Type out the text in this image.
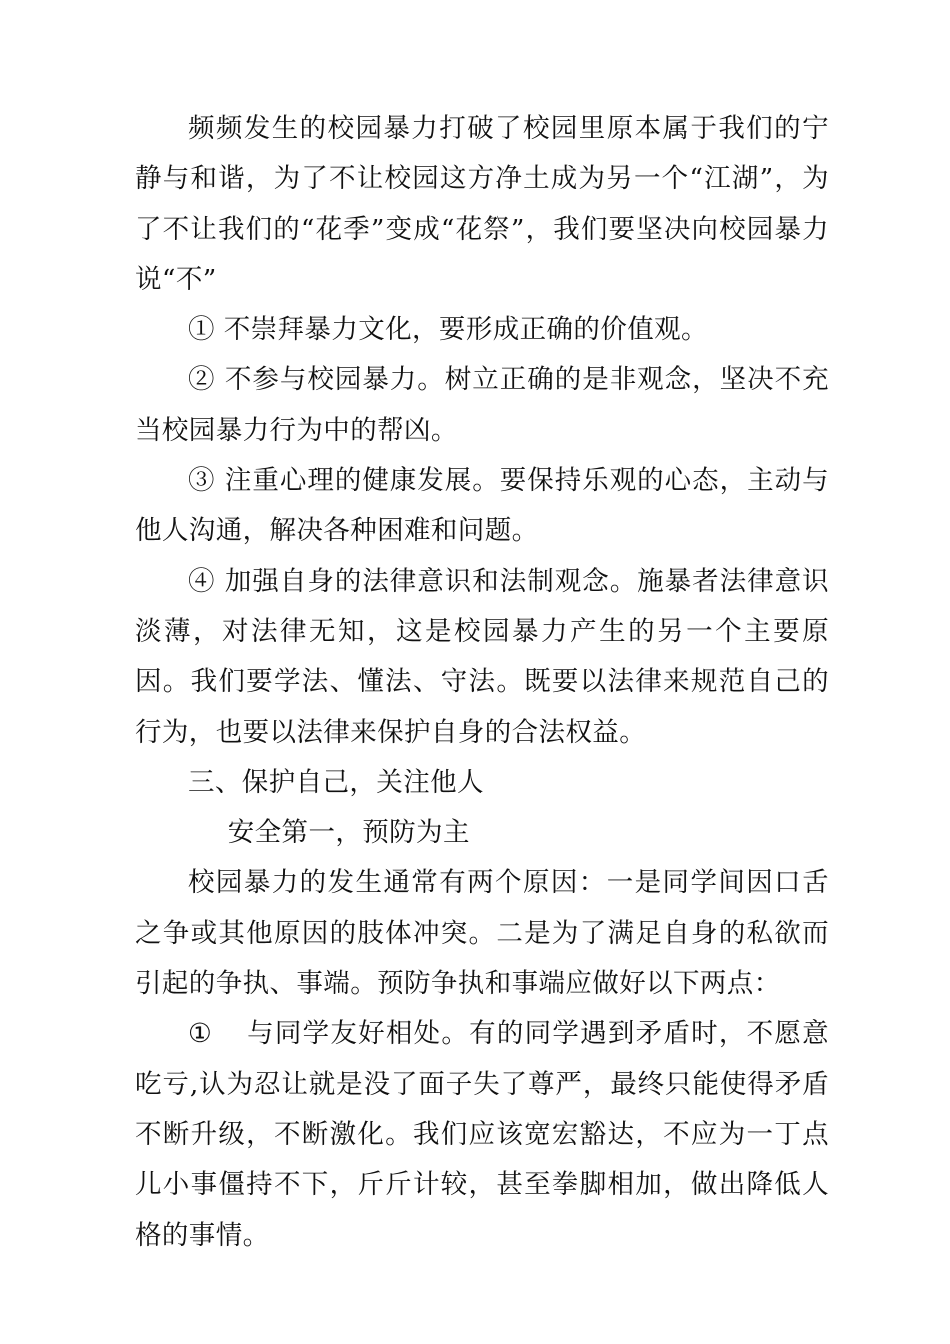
频频发生的校园暴力打破了校园里原本属于我们的宁静与和谐，为了不让校园这方净土成为另一个“江湖”，为了不让我们的“花季”变成“花祭”，我们要坚决向校园暴力说“不”

① 不崇拜暴力文化，要形成正确的价值观。

② 不参与校园暴力。树立正确的是非观念，坚决不充当校园暴力行为中的帮凶。

③ 注重心理的健康发展。要保持乐观的心态，主动与他人沟通，解决各种困难和问题。

④ 加强自身的法律意识和法制观念。施暴者法律意识淡薄，对法律无知，这是校园暴力产生的另一个主要原因。我们要学法、懂法、守法。既要以法律来规范自己的行为，也要以法律来保护自身的合法权益。

三、保护自己，关注他人

安全第一，预防为主

校园暴力的发生通常有两个原因：一是同学间因口舌之争或其他原因的肢体冲突。二是为了满足自身的私欲而引起的争执、事端。预防争执和事端应做好以下两点：

① 与同学友好相处。有的同学遇到矛盾时，不愿意吃亏,认为忍让就是没了面子失了尊严，最终只能使得矛盾不断升级，不断激化。我们应该宽宏豁达，不应为一丁点儿小事僵持不下，斤斤计较，甚至拳脚相加，做出降低人格的事情。
